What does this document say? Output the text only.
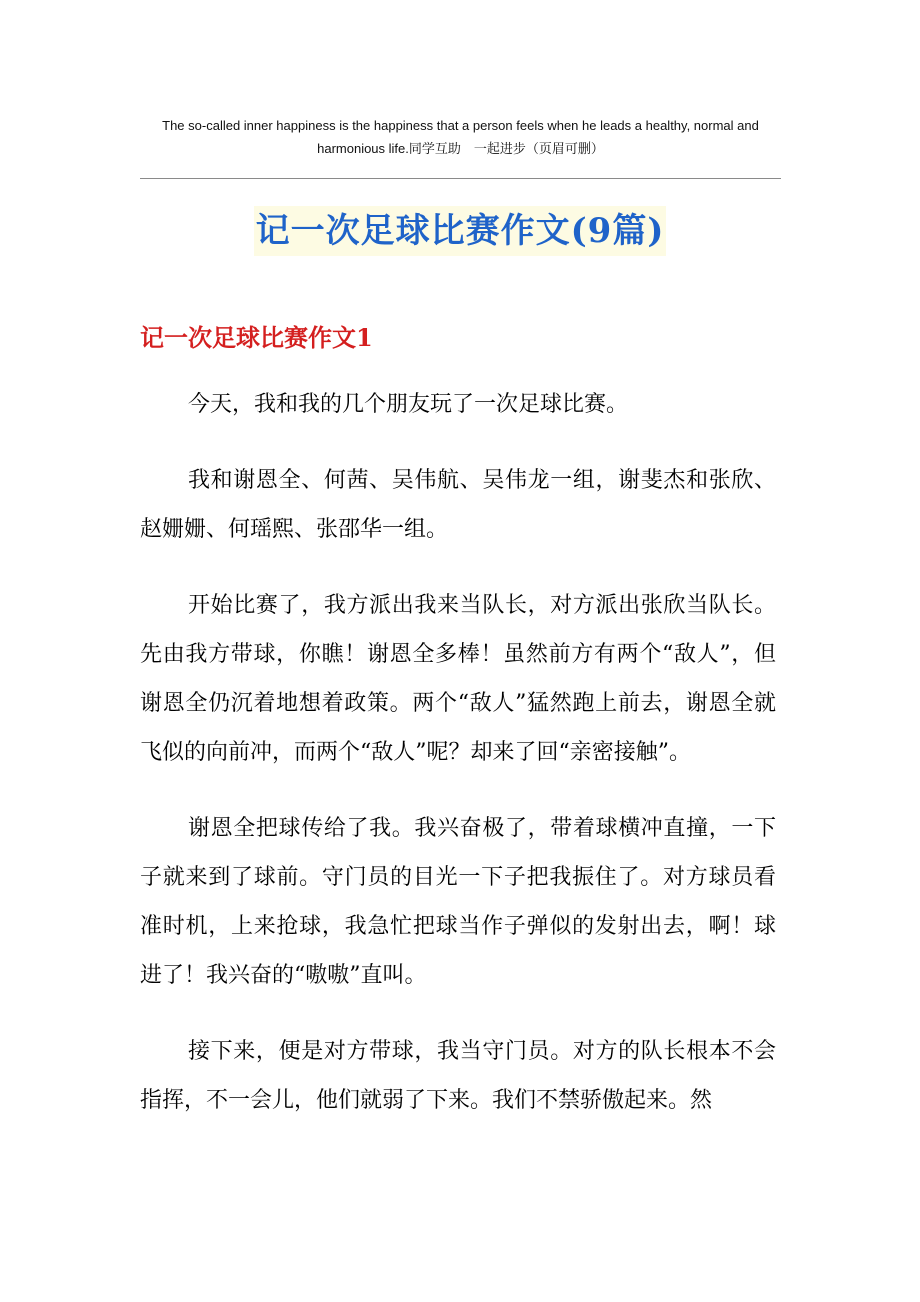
The so-called inner happiness is the happiness that a person feels when he leads a healthy, normal and harmonious life.同学互助　一起进步（页眉可删）
记一次足球比赛作文(9篇)
记一次足球比赛作文1

今天，我和我的几个朋友玩了一次足球比赛。

我和谢恩全、何茜、吴伟航、吴伟龙一组，谢斐杰和张欣、赵姗姗、何瑶熙、张邵华一组。

开始比赛了，我方派出我来当队长，对方派出张欣当队长。先由我方带球，你瞧！谢恩全多棒！虽然前方有两个“敌人”，但谢恩全仍沉着地想着政策。两个“敌人”猛然跑上前去，谢恩全就飞似的向前冲，而两个“敌人”呢？却来了回“亲密接触”。

谢恩全把球传给了我。我兴奋极了，带着球横冲直撞，一下子就来到了球前。守门员的目光一下子把我振住了。对方球员看准时机，上来抢球，我急忙把球当作子弹似的发射出去，啊！球进了！我兴奋的“嗷嗷”直叫。

接下来，便是对方带球，我当守门员。对方的队长根本不会指挥，不一会儿，他们就弱了下来。我们不禁骄傲起来。然
